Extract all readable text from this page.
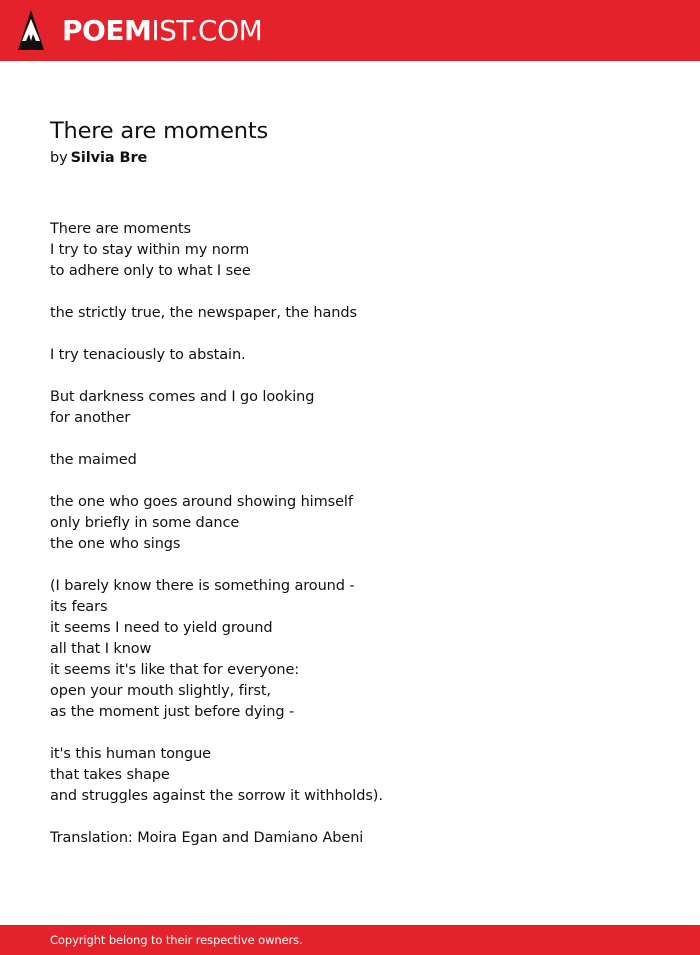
POEMIST.COM
There are moments

by Silvia Bre

There are moments
I try to stay within my norm
to adhere only to what I see
the strictly true, the newspaper, the hands
I try tenaciously to abstain.
But darkness comes and I go looking
for another
the maimed
the one who goes around showing himself
only briefly in some dance
the one who sings
(I barely know there is something around -
its fears
it seems I need to yield ground
all that I know
it seems it's like that for everyone:
open your mouth slightly, first,
as the moment just before dying -
it's this human tongue
that takes shape
and struggles against the sorrow it withholds).
Translation: Moira Egan and Damiano Abeni
Copyright belong to their respective owners.
